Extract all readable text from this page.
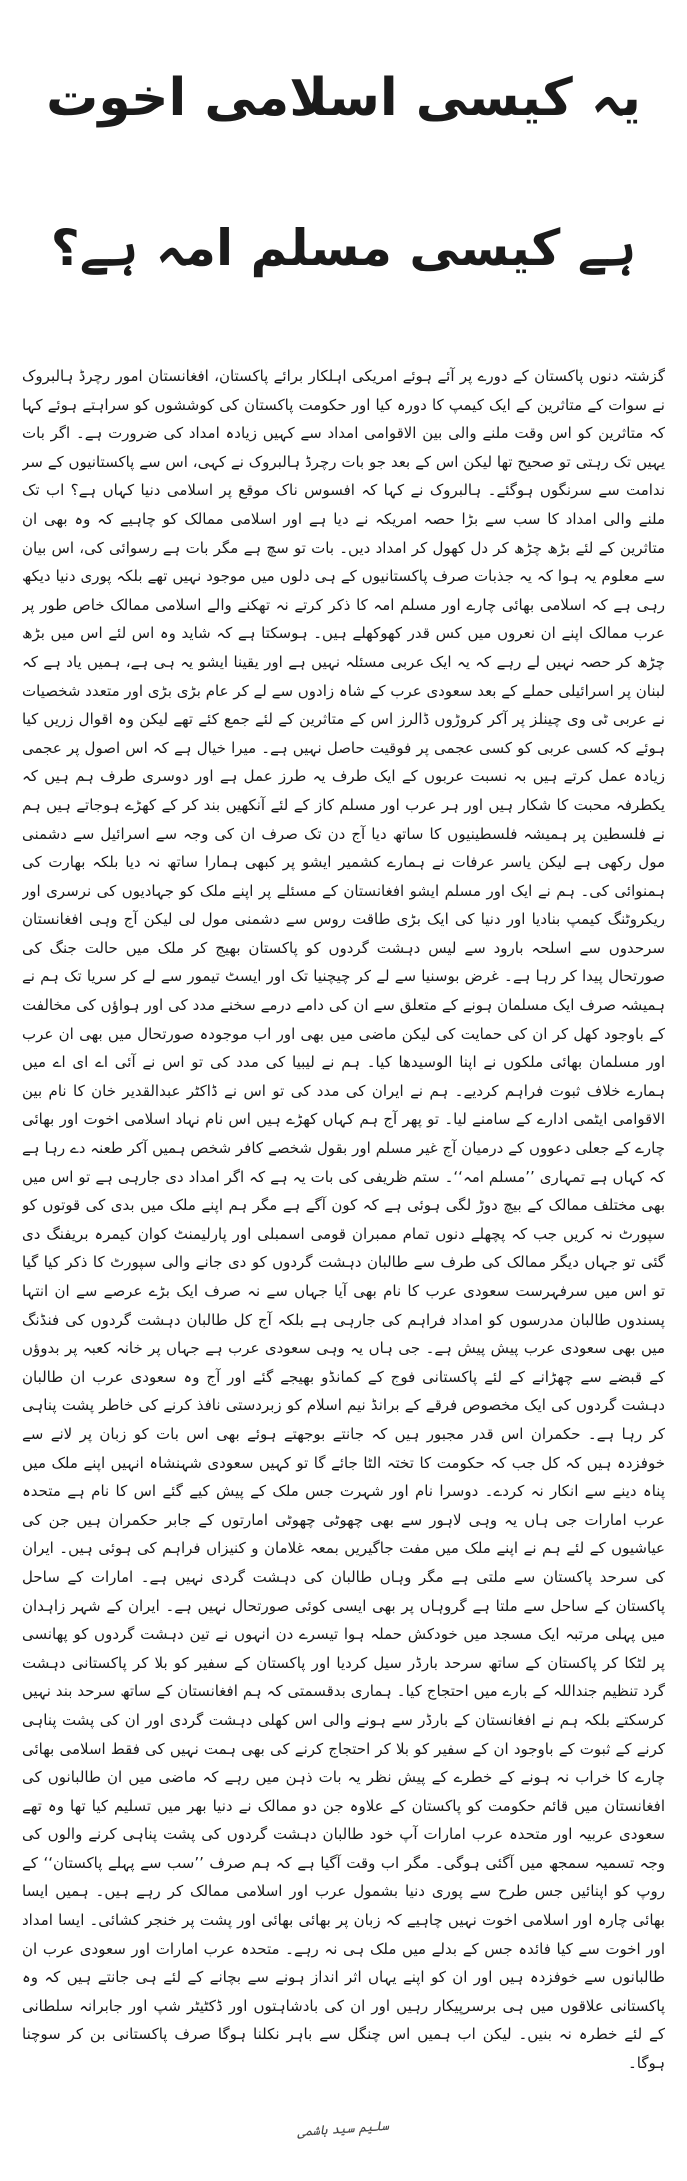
یہ کیسی اسلامی اخوت
ہے کیسی مسلم امہ ہے؟

گزشتہ دنوں پاکستان کے دورے پر آئے ہوئے امریکی اہلکار برائے پاکستان، افغانستان امور رچرڈ ہالبروک نے سوات کے متاثرین کے ایک کیمپ کا دورہ کیا اور حکومت پاکستان کی کوششوں کو سراہتے ہوئے کہا کہ متاثرین کو اس وقت ملنے والی بین الاقوامی امداد سے کہیں زیادہ امداد کی ضرورت ہے۔ اگر بات یہیں تک رہتی تو صحیح تھا لیکن اس کے بعد جو بات رچرڈ ہالبروک نے کہی، اس سے پاکستانیوں کے سر ندامت سے سرنگوں ہوگئے۔ ہالبروک نے کہا کہ افسوس ناک موقع پر اسلامی دنیا کہاں ہے؟ اب تک ملنے والی امداد کا سب سے بڑا حصہ امریکہ نے دیا ہے اور اسلامی ممالک کو چاہیے کہ وہ بھی ان متاثرین کے لئے بڑھ چڑھ کر دل کھول کر امداد دیں۔ بات تو سچ ہے مگر بات ہے رسوائی کی، اس بیان سے معلوم یہ ہوا کہ یہ جذبات صرف پاکستانیوں کے ہی دلوں میں موجود نہیں تھے بلکہ پوری دنیا دیکھ رہی ہے کہ اسلامی بھائی چارے اور مسلم امہ کا ذکر کرتے نہ تھکنے والے اسلامی ممالک خاص طور پر عرب ممالک اپنے ان نعروں میں کس قدر کھوکھلے ہیں۔ ہوسکتا ہے کہ شاید وہ اس لئے اس میں بڑھ چڑھ کر حصہ نہیں لے رہے کہ یہ ایک عربی مسئلہ نہیں ہے اور یقینا ایشو یہ ہی ہے، ہمیں یاد ہے کہ لبنان پر اسرائیلی حملے کے بعد سعودی عرب کے شاہ زادوں سے لے کر عام بڑی بڑی اور متعدد شخصیات نے عربی ٹی وی چینلز پر آکر کروڑوں ڈالرز اس کے متاثرین کے لئے جمع کئے تھے لیکن وہ اقوال زریں کیا ہوئے کہ کسی عربی کو کسی عجمی پر فوقیت حاصل نہیں ہے۔ میرا خیال ہے کہ اس اصول پر عجمی زیادہ عمل کرتے ہیں بہ نسبت عربوں کے ایک طرف یہ طرز عمل ہے اور دوسری طرف ہم ہیں کہ یکطرفہ محبت کا شکار ہیں اور ہر عرب اور مسلم کاز کے لئے آنکھیں بند کر کے کھڑے ہوجاتے ہیں ہم نے فلسطین پر ہمیشہ فلسطینیوں کا ساتھ دیا آج دن تک صرف ان کی وجہ سے اسرائیل سے دشمنی مول رکھی ہے لیکن یاسر عرفات نے ہمارے کشمیر ایشو پر کبھی ہمارا ساتھ نہ دیا بلکہ بھارت کی ہمنوائی کی۔ ہم نے ایک اور مسلم ایشو افغانستان کے مسئلے پر اپنے ملک کو جہادیوں کی نرسری اور ریکروٹنگ کیمپ بنادیا اور دنیا کی ایک بڑی طاقت روس سے دشمنی مول لی لیکن آج وہی افغانستان سرحدوں سے اسلحہ بارود سے لیس دہشت گردوں کو پاکستان بھیج کر ملک میں حالت جنگ کی صورتحال پیدا کر رہا ہے۔ غرض بوسنیا سے لے کر چیچنیا تک اور ایسٹ تیمور سے لے کر سریا تک ہم نے ہمیشہ صرف ایک مسلمان ہونے کے متعلق سے ان کی دامے درمے سخنے مدد کی اور ہواؤں کی مخالفت کے باوجود کھل کر ان کی حمایت کی لیکن ماضی میں بھی اور اب موجودہ صورتحال میں بھی ان عرب اور مسلمان بھائی ملکوں نے اپنا الوسیدھا کیا۔ ہم نے لیبیا کی مدد کی تو اس نے آئی اے ای اے میں ہمارے خلاف ثبوت فراہم کردیے۔ ہم نے ایران کی مدد کی تو اس نے ڈاکٹر عبدالقدیر خان کا نام بین الاقوامی ایٹمی ادارے کے سامنے لیا۔ تو پھر آج ہم کہاں کھڑے ہیں اس نام نہاد اسلامی اخوت اور بھائی چارے کے جعلی دعووں کے درمیان آج غیر مسلم اور بقول شخصے کافر شخص ہمیں آکر طعنہ دے رہا ہے کہ کہاں ہے تمہاری ’’مسلم امہ‘‘۔ ستم ظریفی کی بات یہ ہے کہ اگر امداد دی جارہی ہے تو اس میں بھی مختلف ممالک کے بیچ دوڑ لگی ہوئی ہے کہ کون آگے ہے مگر ہم اپنے ملک میں بدی کی قوتوں کو سپورٹ نہ کریں جب کہ پچھلے دنوں تمام ممبران قومی اسمبلی اور پارلیمنٹ کوان کیمرہ بریفنگ دی گئی تو جہاں دیگر ممالک کی طرف سے طالبان دہشت گردوں کو دی جانے والی سپورٹ کا ذکر کیا گیا تو اس میں سرفہرست سعودی عرب کا نام بھی آیا جہاں سے نہ صرف ایک بڑے عرصے سے ان انتہا پسندوں طالبان مدرسوں کو امداد فراہم کی جارہی ہے بلکہ آج کل طالبان دہشت گردوں کی فنڈنگ میں بھی سعودی عرب پیش پیش ہے۔ جی ہاں یہ وہی سعودی عرب ہے جہاں پر خانہ کعبہ پر بدوؤں کے قبضے سے چھڑانے کے لئے پاکستانی فوج کے کمانڈو بھیجے گئے اور آج وہ سعودی عرب ان طالبان دہشت گردوں کی ایک مخصوص فرقے کے برانڈ نیم اسلام کو زبردستی نافذ کرنے کی خاطر پشت پناہی کر رہا ہے۔ حکمران اس قدر مجبور ہیں کہ جانتے بوجھتے ہوئے بھی اس بات کو زبان پر لانے سے خوفزدہ ہیں کہ کل جب کہ حکومت کا تختہ الٹا جائے گا تو کہیں سعودی شہنشاہ انہیں اپنے ملک میں پناہ دینے سے انکار نہ کردے۔ دوسرا نام اور شہرت جس ملک کے پیش کیے گئے اس کا نام ہے متحدہ عرب امارات جی ہاں یہ وہی لاہور سے بھی چھوٹی چھوٹی امارتوں کے جابر حکمران ہیں جن کی عیاشیوں کے لئے ہم نے اپنے ملک میں مفت جاگیریں بمعہ غلامان و کنیزاں فراہم کی ہوئی ہیں۔ ایران کی سرحد پاکستان سے ملتی ہے مگر وہاں طالبان کی دہشت گردی نہیں ہے۔ امارات کے ساحل پاکستان کے ساحل سے ملتا ہے گروہاں پر بھی ایسی کوئی صورتحال نہیں ہے۔ ایران کے شہر زاہدان میں پہلی مرتبہ ایک مسجد میں خودکش حملہ ہوا تیسرے دن انہوں نے تین دہشت گردوں کو پھانسی پر لٹکا کر پاکستان کے ساتھ سرحد بارڈر سیل کردیا اور پاکستان کے سفیر کو بلا کر پاکستانی دہشت گرد تنظیم جنداللہ کے بارے میں احتجاج کیا۔ ہماری بدقسمتی کہ ہم افغانستان کے ساتھ سرحد بند نہیں کرسکتے بلکہ ہم نے افغانستان کے بارڈر سے ہونے والی اس کھلی دہشت گردی اور ان کی پشت پناہی کرنے کے ثبوت کے باوجود ان کے سفیر کو بلا کر احتجاج کرنے کی بھی ہمت نہیں کی فقط اسلامی بھائی چارے کا خراب نہ ہونے کے خطرے کے پیش نظر یہ بات ذہن میں رہے کہ ماضی میں ان طالبانوں کی افغانستان میں قائم حکومت کو پاکستان کے علاوہ جن دو ممالک نے دنیا بھر میں تسلیم کیا تھا وہ تھے سعودی عربیہ اور متحدہ عرب امارات آپ خود طالبان دہشت گردوں کی پشت پناہی کرنے والوں کی وجہ تسمیہ سمجھ میں آگئی ہوگی۔ مگر اب وقت آگیا ہے کہ ہم صرف ’’سب سے پہلے پاکستان‘‘ کے روپ کو اپنائیں جس طرح سے پوری دنیا بشمول عرب اور اسلامی ممالک کر رہے ہیں۔ ہمیں ایسا بھائی چارہ اور اسلامی اخوت نہیں چاہیے کہ زبان پر بھائی بھائی اور پشت پر خنجر کشائی۔ ایسا امداد اور اخوت سے کیا فائدہ جس کے بدلے میں ملک ہی نہ رہے۔ متحدہ عرب امارات اور سعودی عرب ان طالبانوں سے خوفزدہ ہیں اور ان کو اپنے یہاں اثر انداز ہونے سے بچانے کے لئے ہی جانتے ہیں کہ وہ پاکستانی علاقوں میں ہی برسرپیکار رہیں اور ان کی بادشاہتوں اور ڈکٹیٹر شپ اور جابرانہ سلطانی کے لئے خطرہ نہ بنیں۔ لیکن اب ہمیں اس چنگل سے باہر نکلنا ہوگا صرف پاکستانی بن کر سوچنا ہوگا۔

سلیم سید ہاشمی
